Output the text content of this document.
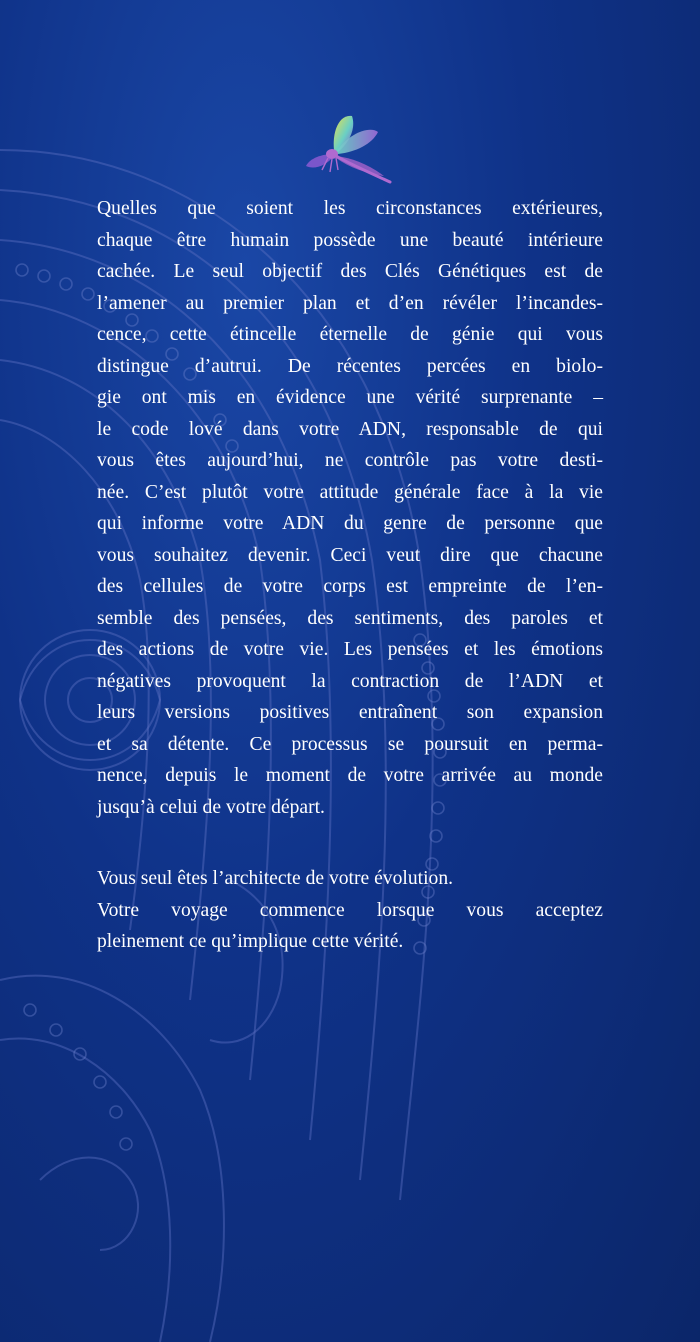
Quelles que soient les circonstances extérieures,
chaque être humain possède une beauté intérieure
cachée. Le seul objectif des Clés Génétiques est de
l’amener au premier plan et d’en révéler l’incandes-
cence, cette étincelle éternelle de génie qui vous
distingue d’autrui. De récentes percées en biolo-
gie ont mis en évidence une vérité surprenante –
le code lové dans votre ADN, responsable de qui
vous êtes aujourd’hui, ne contrôle pas votre desti-
née. C’est plutôt votre attitude générale face à la vie
qui informe votre ADN du genre de personne que
vous souhaitez devenir. Ceci veut dire que chacune
des cellules de votre corps est empreinte de l’en-
semble des pensées, des sentiments, des paroles et
des actions de votre vie. Les pensées et les émotions
négatives provoquent la contraction de l’ADN et
leurs versions positives entraînent son expansion
et sa détente. Ce processus se poursuit en perma-
nence, depuis le moment de votre arrivée au monde
jusqu’à celui de votre départ.
Vous seul êtes l’architecte de votre évolution.
Votre voyage commence lorsque vous acceptez
pleinement ce qu’implique cette vérité.
